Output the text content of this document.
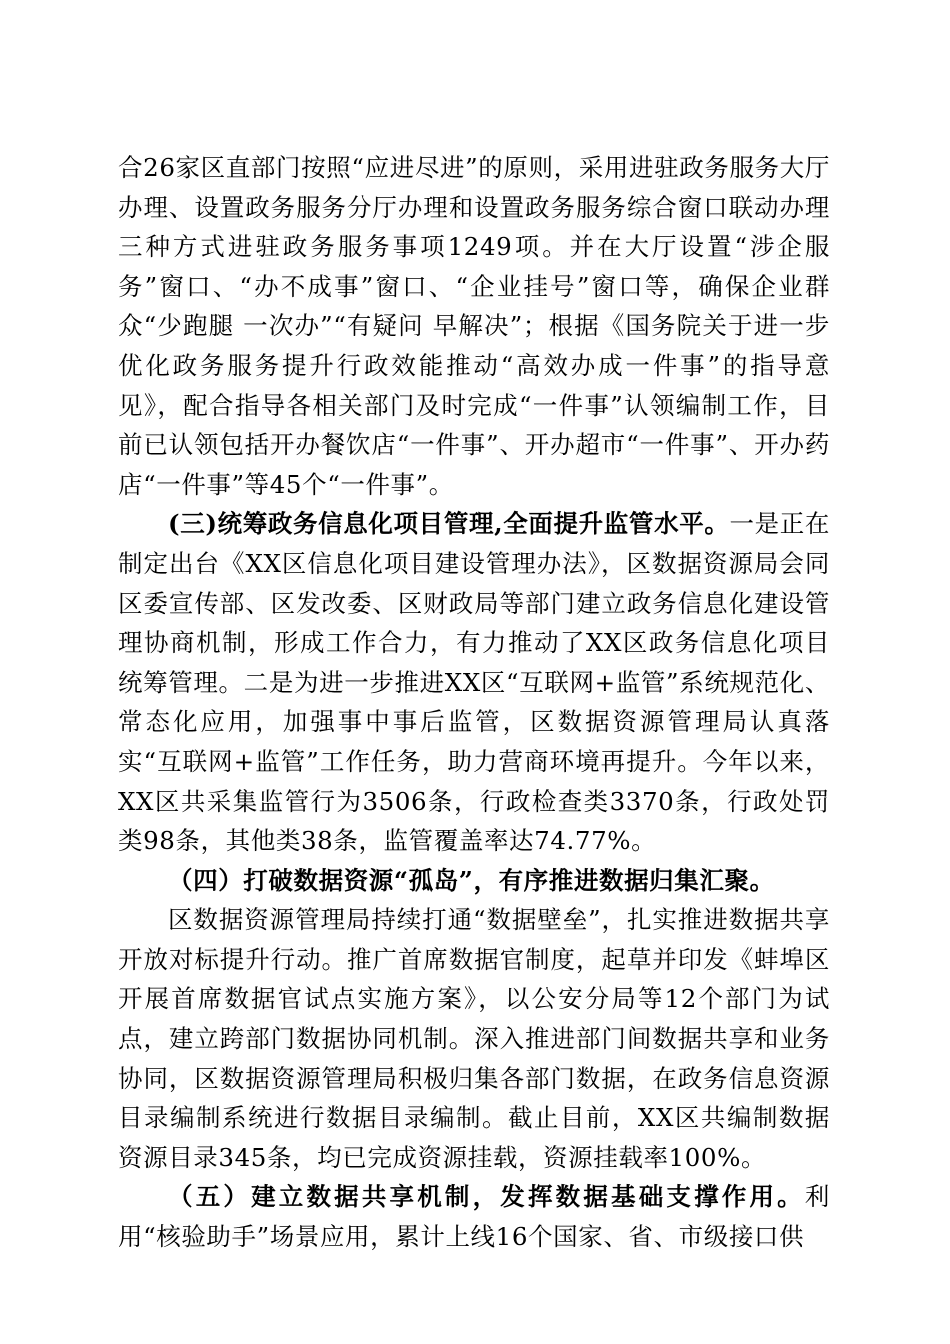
合26家区直部门按照“应进尽进”的原则，采用进驻政务服务大厅办理、设置政务服务分厅办理和设置政务服务综合窗口联动办理三种方式进驻政务服务事项1249项。并在大厅设置“涉企服务”窗口、“办不成事”窗口、“企业挂号”窗口等，确保企业群众“少跑腿 一次办”“有疑问 早解决”；根据《国务院关于进一步优化政务服务提升行政效能推动“高效办成一件事”的指导意见》，配合指导各相关部门及时完成“一件事”认领编制工作，目前已认领包括开办餐饮店“一件事”、开办超市“一件事”、开办药店“一件事”等45个“一件事”。

(三)统筹政务信息化项目管理,全面提升监管水平。一是正在制定出台《XX区信息化项目建设管理办法》，区数据资源局会同区委宣传部、区发改委、区财政局等部门建立政务信息化建设管理协商机制，形成工作合力，有力推动了XX区政务信息化项目统筹管理。二是为进一步推进XX区“互联网+监管”系统规范化、常态化应用，加强事中事后监管，区数据资源管理局认真落实“互联网+监管”工作任务，助力营商环境再提升。今年以来，XX区共采集监管行为3506条，行政检查类3370条，行政处罚类98条，其他类38条，监管覆盖率达74.77%。

（四）打破数据资源“孤岛”，有序推进数据归集汇聚。

区数据资源管理局持续打通“数据壁垒”，扎实推进数据共享开放对标提升行动。推广首席数据官制度，起草并印发《蚌埠区开展首席数据官试点实施方案》，以公安分局等12个部门为试点，建立跨部门数据协同机制。深入推进部门间数据共享和业务协同，区数据资源管理局积极归集各部门数据，在政务信息资源目录编制系统进行数据目录编制。截止目前，XX区共编制数据资源目录345条，均已完成资源挂载，资源挂载率100%。

（五）建立数据共享机制，发挥数据基础支撑作用。利用“核验助手”场景应用，累计上线16个国家、省、市级接口供
